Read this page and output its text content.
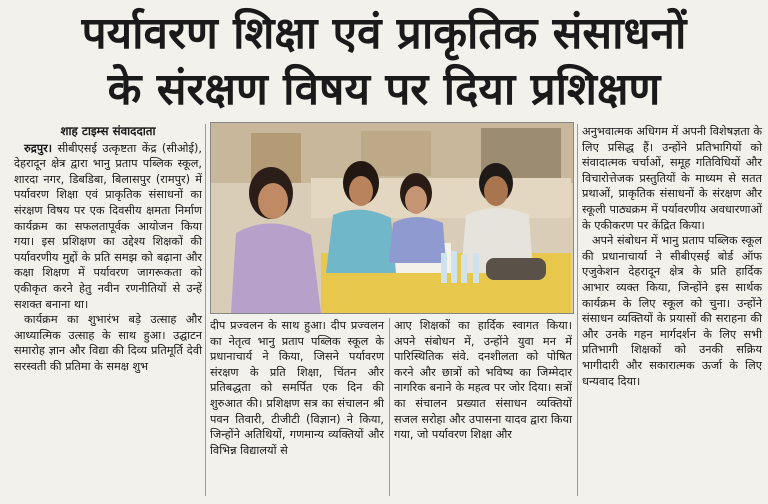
पर्यावरण शिक्षा एवं प्राकृतिक संसाधनों
के संरक्षण विषय पर दिया प्रशिक्षण
शाह टाइम्स संवाददाता

रुद्रपुर। सीबीएसई उत्कृष्टता केंद्र (सीओई), देहरादून क्षेत्र द्वारा भानु प्रताप पब्लिक स्कूल, शारदा नगर, डिबडिबा, बिलासपुर (रामपुर) में पर्यावरण शिक्षा एवं प्राकृतिक संसाधनों का संरक्षण विषय पर एक दिवसीय क्षमता निर्माण कार्यक्रम का सफलतापूर्वक आयोजन किया गया। इस प्रशिक्षण का उद्देश्य शिक्षकों की पर्यावरणीय मुद्दों के प्रति समझ को बढ़ाना और कक्षा शिक्षण में पर्यावरण जागरूकता को एकीकृत करने हेतु नवीन रणनीतियों से उन्हें सशक्त बनाना था।

कार्यक्रम का शुभारंभ बड़े उत्साह और आध्यात्मिक उत्साह के साथ हुआ। उद्घाटन समारोह ज्ञान और विद्या की दिव्य प्रतिमूर्ति देवी सरस्वती की प्रतिमा के समक्ष शुभ

दीप प्रज्वलन के साथ हुआ। दीप प्रज्वलन का नेतृत्व भानु प्रताप पब्लिक स्कूल के प्रधानाचार्य ने किया, जिसने पर्यावरण संरक्षण के प्रति शिक्षा, चिंतन और प्रतिबद्धता को समर्पित एक दिन की शुरुआत की। प्रशिक्षण सत्र का संचालन श्री पवन तिवारी, टीजीटी (विज्ञान) ने किया, जिन्होंने अतिथियों, गणमान्य व्यक्तियों और विभिन्न विद्यालयों से

आए शिक्षकों का हार्दिक स्वागत किया। अपने संबोधन में, उन्होंने युवा मन में पारिस्थितिक संवे. दनशीलता को पोषित करने और छात्रों को भविष्य का जिम्मेदार नागरिक बनाने के महत्व पर जोर दिया। सत्रों का संचालन प्रख्यात संसाधन व्यक्तियों सजल सरोहा और उपासना यादव द्वारा किया गया, जो पर्यावरण शिक्षा और

अनुभवात्मक अधिगम में अपनी विशेषज्ञता के लिए प्रसिद्ध हैं। उन्होंने प्रतिभागियों को संवादात्मक चर्चाओं, समूह गतिविधियों और विचारोत्तेजक प्रस्तुतियों के माध्यम से सतत प्रथाओं, प्राकृतिक संसाधनों के संरक्षण और स्कूली पाठ्यक्रम में पर्यावरणीय अवधारणाओं के एकीकरण पर केंद्रित किया।

अपने संबोधन में भानु प्रताप पब्लिक स्कूल की प्रधानाचार्या ने सीबीएसई बोर्ड ऑफ एजुकेशन देहरादून क्षेत्र के प्रति हार्दिक आभार व्यक्त किया, जिन्होंने इस सार्थक कार्यक्रम के लिए स्कूल को चुना। उन्होंने संसाधन व्यक्तियों के प्रयासों की सराहना की और उनके गहन मार्गदर्शन के लिए सभी प्रतिभागी शिक्षकों को उनकी सक्रिय भागीदारी और सकारात्मक ऊर्जा के लिए धन्यवाद दिया।
